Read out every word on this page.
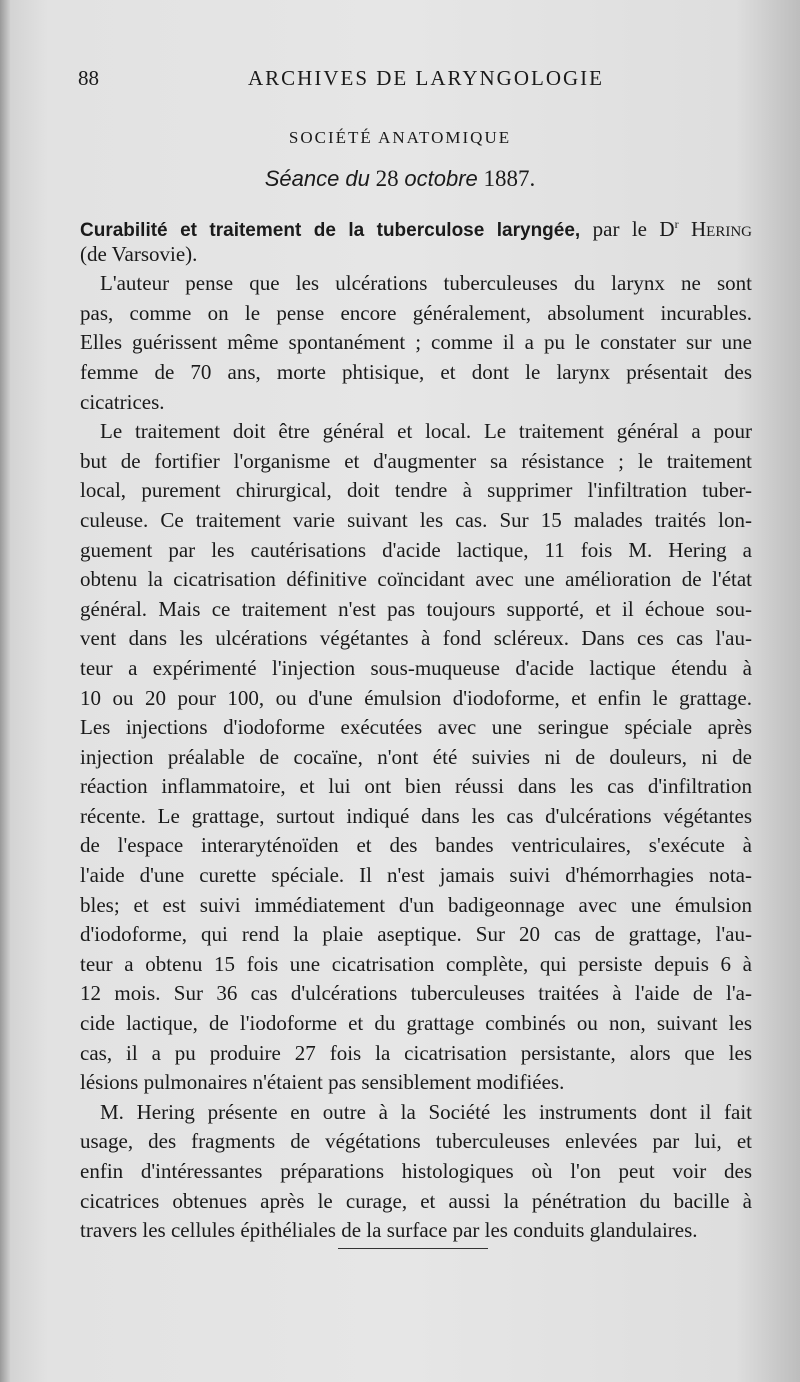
88	ARCHIVES DE LARYNGOLOGIE
SOCIÉTÉ ANATOMIQUE
Séance du 28 octobre 1887.
Curabilité et traitement de la tuberculose laryngée, par le $D^r$ Hering
(de Varsovie).
L'auteur pense que les ulcérations tuberculeuses du larynx ne sont
pas, comme on le pense encore généralement, absolument incurables.
Elles guérissent même spontanément ; comme il a pu le constater sur une
femme de 70 ans, morte phtisique, et dont le larynx présentait des
cicatrices.
Le traitement doit être général et local. Le traitement général a pour
but de fortifier l'organisme et d'augmenter sa résistance ; le traitement
local, purement chirurgical, doit tendre à supprimer l'infiltration tuber-
culeuse. Ce traitement varie suivant les cas. Sur 15 malades traités lon-
guement par les cautérisations d'acide lactique, 11 fois M. Hering a
obtenu la cicatrisation définitive coïncidant avec une amélioration de l'état
général. Mais ce traitement n'est pas toujours supporté, et il échoue sou-
vent dans les ulcérations végétantes à fond scléreux. Dans ces cas l'au-
teur a expérimenté l'injection sous-muqueuse d'acide lactique étendu à
10 ou 20 pour 100, ou d'une émulsion d'iodoforme, et enfin le grattage.
Les injections d'iodoforme exécutées avec une seringue spéciale après
injection préalable de cocaïne, n'ont été suivies ni de douleurs, ni de
réaction inflammatoire, et lui ont bien réussi dans les cas d'infiltration
récente. Le grattage, surtout indiqué dans les cas d'ulcérations végétantes
de l'espace interaryténoïden et des bandes ventriculaires, s'exécute à
l'aide d'une curette spéciale. Il n'est jamais suivi d'hémorrhagies nota-
bles; et est suivi immédiatement d'un badigeonnage avec une émulsion
d'iodoforme, qui rend la plaie aseptique. Sur 20 cas de grattage, l'au-
teur a obtenu 15 fois une cicatrisation complète, qui persiste depuis 6 à
12 mois. Sur 36 cas d'ulcérations tuberculeuses traitées à l'aide de l'a-
cide lactique, de l'iodoforme et du grattage combinés ou non, suivant les
cas, il a pu produire 27 fois la cicatrisation persistante, alors que les
lésions pulmonaires n'étaient pas sensiblement modifiées.
M. Hering présente en outre à la Société les instruments dont il fait
usage, des fragments de végétations tuberculeuses enlevées par lui, et
enfin d'intéressantes préparations histologiques où l'on peut voir des
cicatrices obtenues après le curage, et aussi la pénétration du bacille à
travers les cellules épithéliales de la surface par les conduits glandulaires.
